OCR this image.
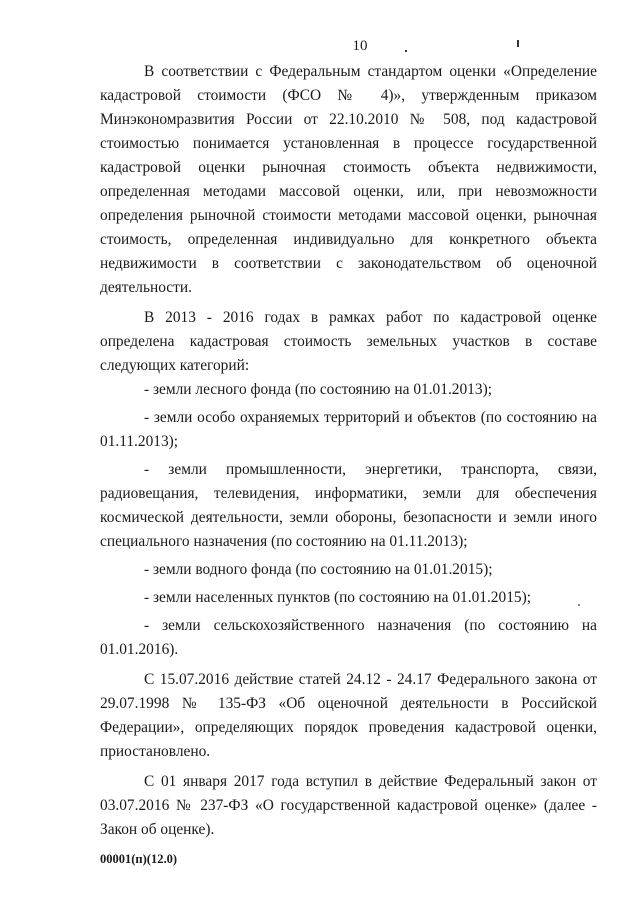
10

В соответствии с Федеральным стандартом оценки «Определение кадастровой стоимости (ФСО № 4)», утвержденным приказом Минэкономразвития России от 22.10.2010 № 508, под кадастровой стоимостью понимается установленная в процессе государственной кадастровой оценки рыночная стоимость объекта недвижимости, определенная методами массовой оценки, или, при невозможности определения рыночной стоимости методами массовой оценки, рыночная стоимость, определенная индивидуально для конкретного объекта недвижимости в соответствии с законодательством об оценочной деятельности.

В 2013 - 2016 годах в рамках работ по кадастровой оценке определена кадастровая стоимость земельных участков в составе следующих категорий:

- земли лесного фонда (по состоянию на 01.01.2013);

- земли особо охраняемых территорий и объектов (по состоянию на 01.11.2013);

- земли промышленности, энергетики, транспорта, связи, радиовещания, телевидения, информатики, земли для обеспечения космической деятельности, земли обороны, безопасности и земли иного специального назначения (по состоянию на 01.11.2013);

- земли водного фонда (по состоянию на 01.01.2015);

- земли населенных пунктов (по состоянию на 01.01.2015);

- земли сельскохозяйственного назначения (по состоянию на 01.01.2016).

С 15.07.2016 действие статей 24.12 - 24.17 Федерального закона от 29.07.1998 № 135-ФЗ «Об оценочной деятельности в Российской Федерации», определяющих порядок проведения кадастровой оценки, приостановлено.

С 01 января 2017 года вступил в действие Федеральный закон от 03.07.2016 № 237-ФЗ «О государственной кадастровой оценке» (далее - Закон об оценке).

00001(п)(12.0)
